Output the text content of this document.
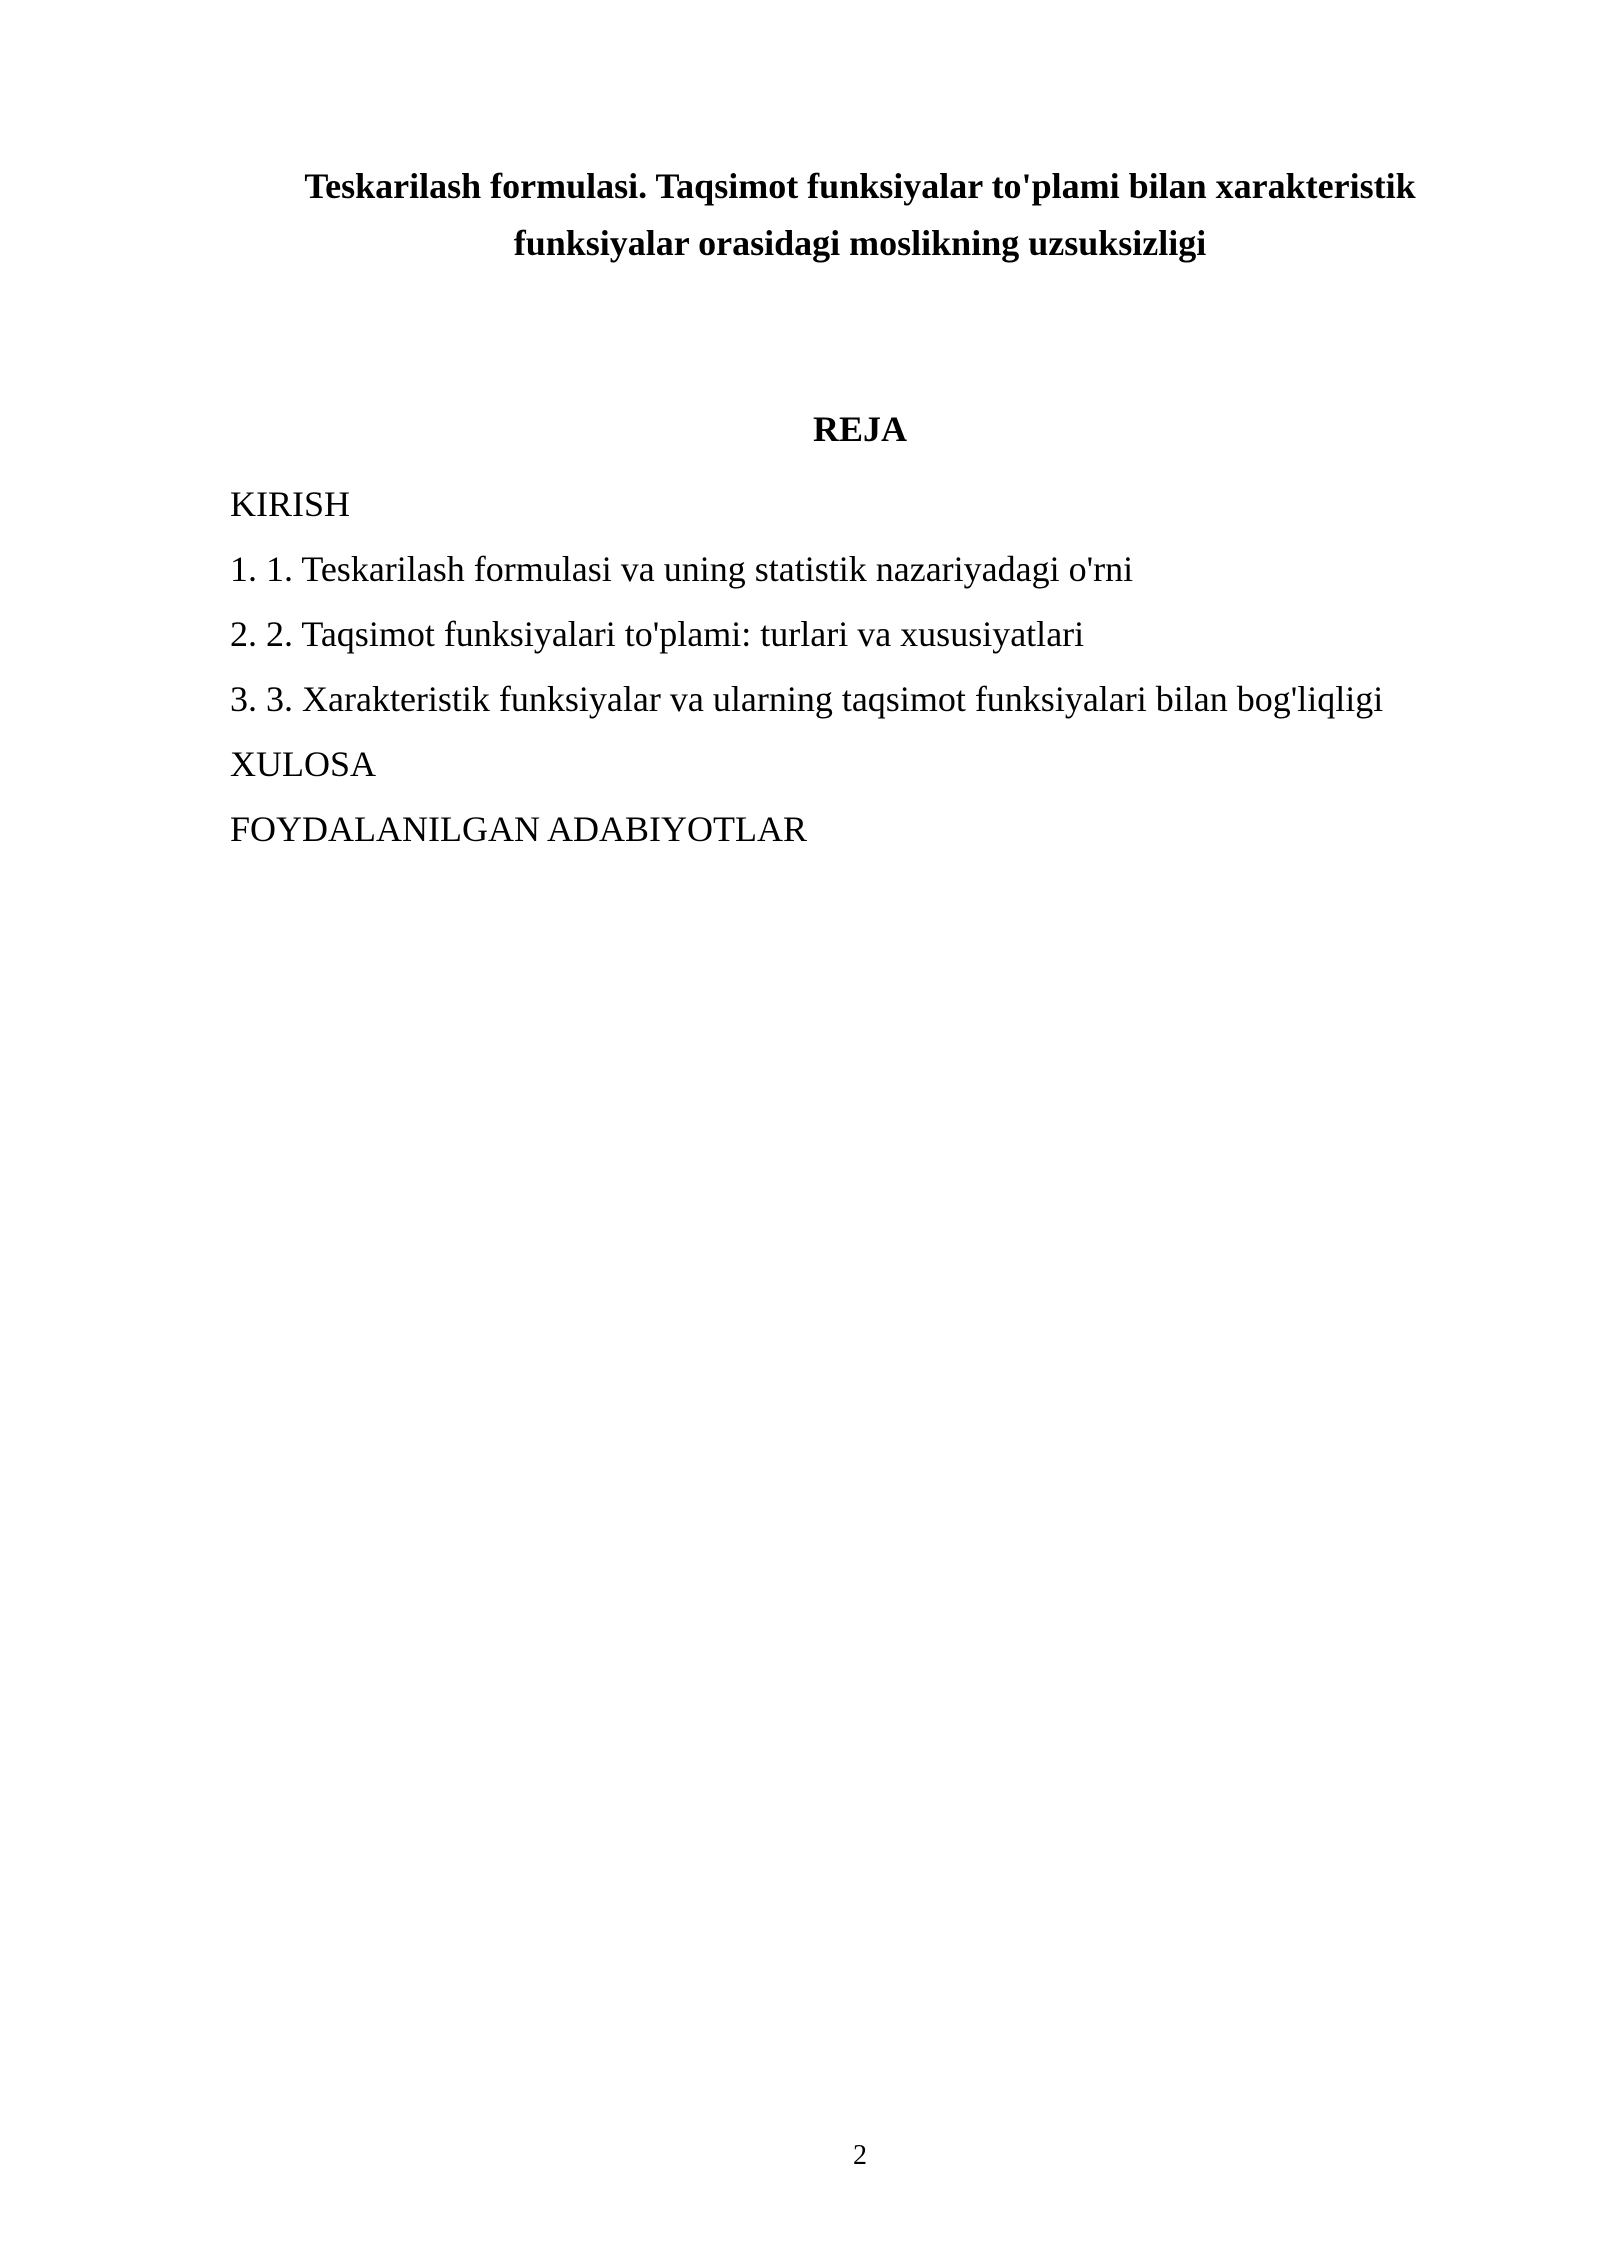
Teskarilash formulasi. Taqsimot funksiyalar to'plami bilan xarakteristik
funksiyalar orasidagi moslikning uzsuksizligi
REJA
KIRISH
1. 1. Teskarilash formulasi va uning statistik nazariyadagi o'rni
2. 2. Taqsimot funksiyalari to'plami: turlari va xususiyatlari
3. 3. Xarakteristik funksiyalar va ularning taqsimot funksiyalari bilan bog'liqligi
XULOSA
FOYDALANILGAN ADABIYOTLAR
2
